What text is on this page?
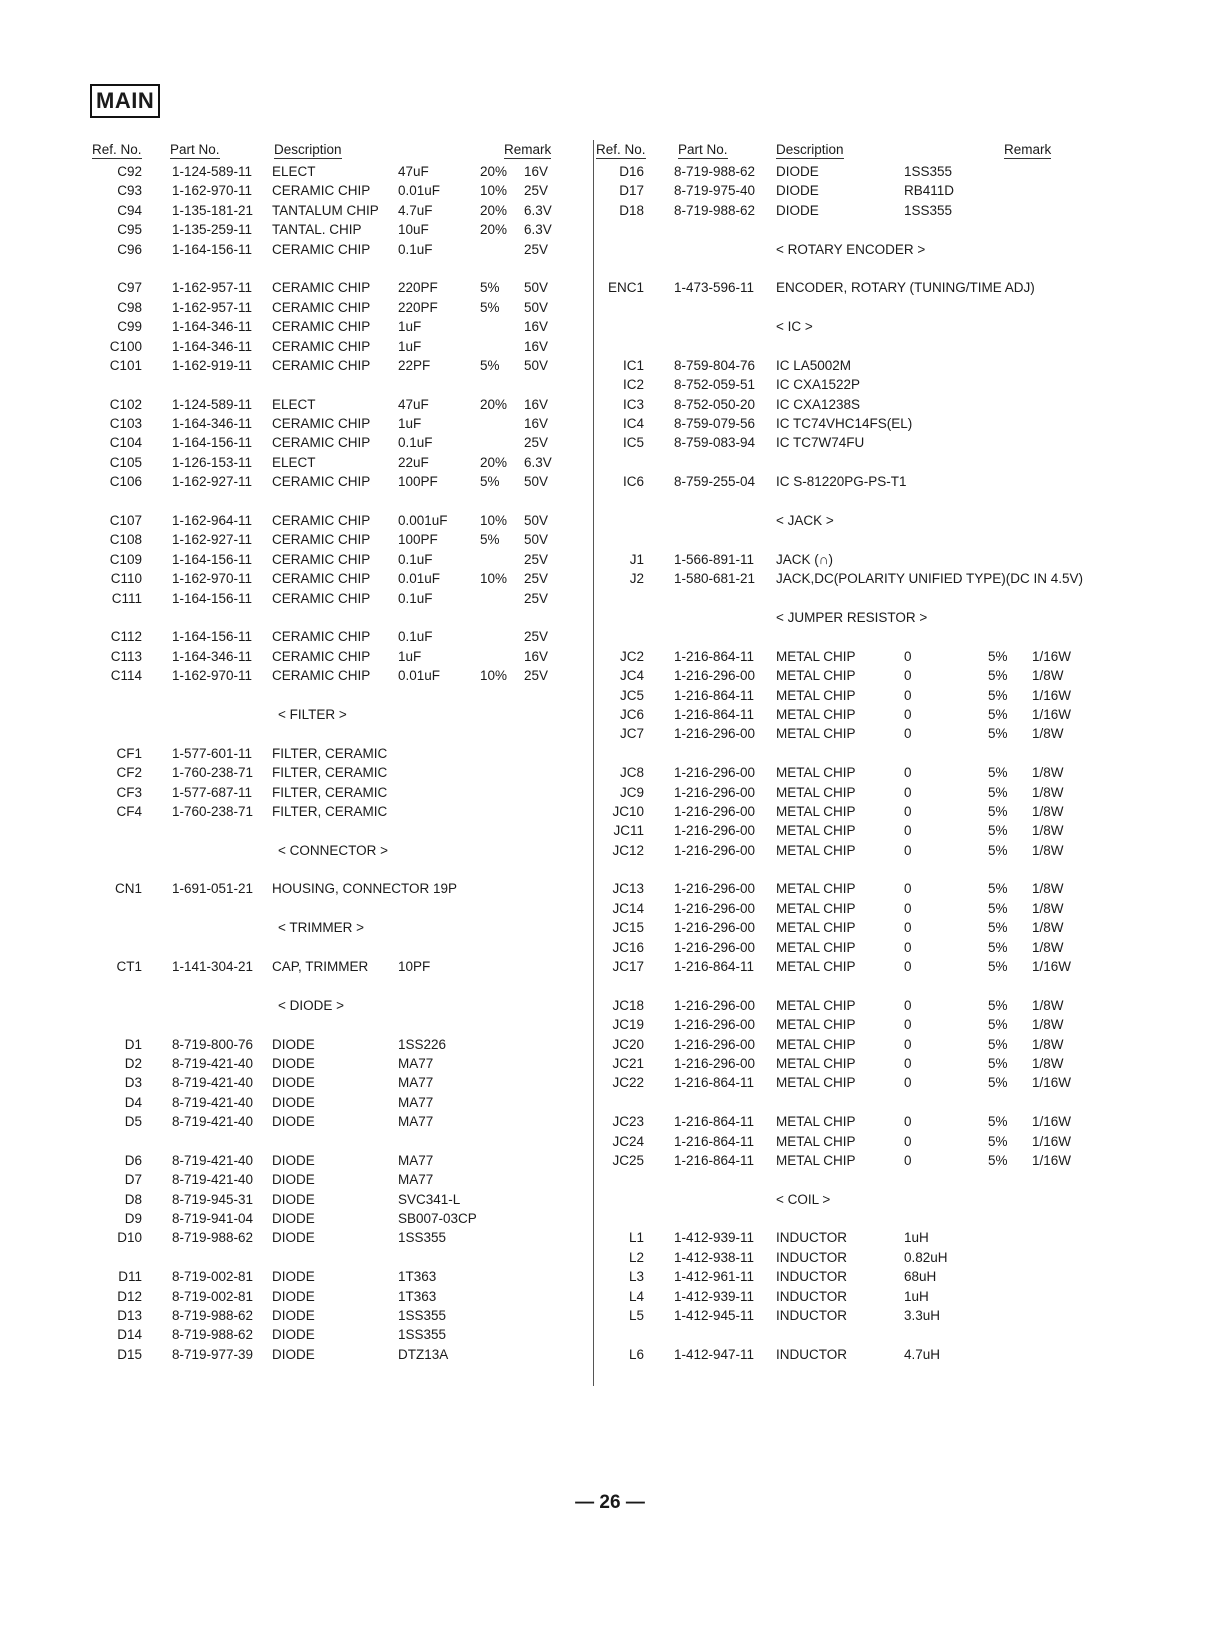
MAIN
Ref. No. Part No.	Description	Remark
C92 1-124-589-11 ELECT	47uF	20% 16V
C93 1-162-970-11 CERAMIC CHIP 0.01uF	10% 25V
C94 1-135-181-21 TANTALUM CHIP 4.7uF	20% 6.3V
C95 1-135-259-11 TANTAL. CHIP	10uF	20% 6.3V
C96 1-164-156-11 CERAMIC CHIP 0.1uF	25V
C97 1-162-957-11 CERAMIC CHIP 220PF	5% 50V
C98 1-162-957-11 CERAMIC CHIP 220PF	5% 50V
C99 1-164-346-11 CERAMIC CHIP 1uF	16V
C100 1-164-346-11 CERAMIC CHIP 1uF	16V
C101 1-162-919-11 CERAMIC CHIP 22PF	5% 50V
C102 1-124-589-11 ELECT	47uF	20% 16V
C103 1-164-346-11 CERAMIC CHIP 1uF	16V
C104 1-164-156-11 CERAMIC CHIP 0.1uF	25V
C105 1-126-153-11 ELECT	22uF	20% 6.3V
C106 1-162-927-11 CERAMIC CHIP 100PF	5% 50V
C107 1-162-964-11 CERAMIC CHIP 0.001uF 10% 50V
C108 1-162-927-11 CERAMIC CHIP 100PF	5% 50V
C109 1-164-156-11 CERAMIC CHIP 0.1uF	25V
C110 1-162-970-11 CERAMIC CHIP 0.01uF	10% 25V
C111 1-164-156-11 CERAMIC CHIP 0.1uF	25V
C112 1-164-156-11 CERAMIC CHIP 0.1uF	25V
C113 1-164-346-11 CERAMIC CHIP 1uF	16V
C114 1-162-970-11 CERAMIC CHIP 0.01uF	10% 25V
< FILTER >
CF1 1-577-601-11 FILTER, CERAMIC
CF2 1-760-238-71 FILTER, CERAMIC
CF3 1-577-687-11 FILTER, CERAMIC
CF4 1-760-238-71 FILTER, CERAMIC
< CONNECTOR >
CN1 1-691-051-21 HOUSING, CONNECTOR 19P
< TRIMMER >
CT1 1-141-304-21 CAP, TRIMMER 10PF
< DIODE >
D1 8-719-800-76 DIODE	1SS226
D2 8-719-421-40 DIODE	MA77
D3 8-719-421-40 DIODE	MA77
D4 8-719-421-40 DIODE	MA77
D5 8-719-421-40 DIODE	MA77
D6 8-719-421-40 DIODE	MA77
D7 8-719-421-40 DIODE	MA77
D8 8-719-945-31 DIODE	SVC341-L
D9 8-719-941-04 DIODE	SB007-03CP
D10 8-719-988-62 DIODE	1SS355
D11 8-719-002-81 DIODE	1T363
D12 8-719-002-81 DIODE	1T363
D13 8-719-988-62 DIODE	1SS355
D14 8-719-988-62 DIODE	1SS355
D15 8-719-977-39 DIODE	DTZ13A
Ref. No. Part No.	Description	Remark
D16 8-719-988-62 DIODE	1SS355
D17 8-719-975-40 DIODE	RB411D
D18 8-719-988-62 DIODE	1SS355
< ROTARY ENCODER >
ENC1 1-473-596-11 ENCODER, ROTARY (TUNING/TIME ADJ)
< IC >
IC1 8-759-804-76 IC LA5002M
IC2 8-752-059-51 IC CXA1522P
IC3 8-752-050-20 IC CXA1238S
IC4 8-759-079-56 IC TC74VHC14FS(EL)
IC5 8-759-083-94 IC TC7W74FU
IC6 8-759-255-04 IC S-81220PG-PS-T1
< JACK >
J1 1-566-891-11 JACK (∩)
J2 1-580-681-21 JACK,DC(POLARITY UNIFIED TYPE)(DC IN 4.5V)
< JUMPER RESISTOR >
JC2 1-216-864-11 METAL CHIP	0	5% 1/16W
JC4 1-216-296-00 METAL CHIP	0	5% 1/8W
JC5 1-216-864-11 METAL CHIP	0	5% 1/16W
JC6 1-216-864-11 METAL CHIP	0	5% 1/16W
JC7 1-216-296-00 METAL CHIP	0	5% 1/8W
JC8 1-216-296-00 METAL CHIP	0	5% 1/8W
JC9 1-216-296-00 METAL CHIP	0	5% 1/8W
JC10 1-216-296-00 METAL CHIP	0	5% 1/8W
JC11 1-216-296-00 METAL CHIP	0	5% 1/8W
JC12 1-216-296-00 METAL CHIP	0	5% 1/8W
JC13 1-216-296-00 METAL CHIP	0	5% 1/8W
JC14 1-216-296-00 METAL CHIP	0	5% 1/8W
JC15 1-216-296-00 METAL CHIP	0	5% 1/8W
JC16 1-216-296-00 METAL CHIP	0	5% 1/8W
JC17 1-216-864-11 METAL CHIP	0	5% 1/16W
JC18 1-216-296-00 METAL CHIP	0	5% 1/8W
JC19 1-216-296-00 METAL CHIP	0	5% 1/8W
JC20 1-216-296-00 METAL CHIP	0	5% 1/8W
JC21 1-216-296-00 METAL CHIP	0	5% 1/8W
JC22 1-216-864-11 METAL CHIP	0	5% 1/16W
JC23 1-216-864-11 METAL CHIP	0	5% 1/16W
JC24 1-216-864-11 METAL CHIP	0	5% 1/16W
JC25 1-216-864-11 METAL CHIP	0	5% 1/16W
< COIL >
L1 1-412-939-11 INDUCTOR	1uH
L2 1-412-938-11 INDUCTOR	0.82uH
L3 1-412-961-11 INDUCTOR	68uH
L4 1-412-939-11 INDUCTOR	1uH
L5 1-412-945-11 INDUCTOR	3.3uH
L6 1-412-947-11 INDUCTOR	4.7uH
— 26 —
